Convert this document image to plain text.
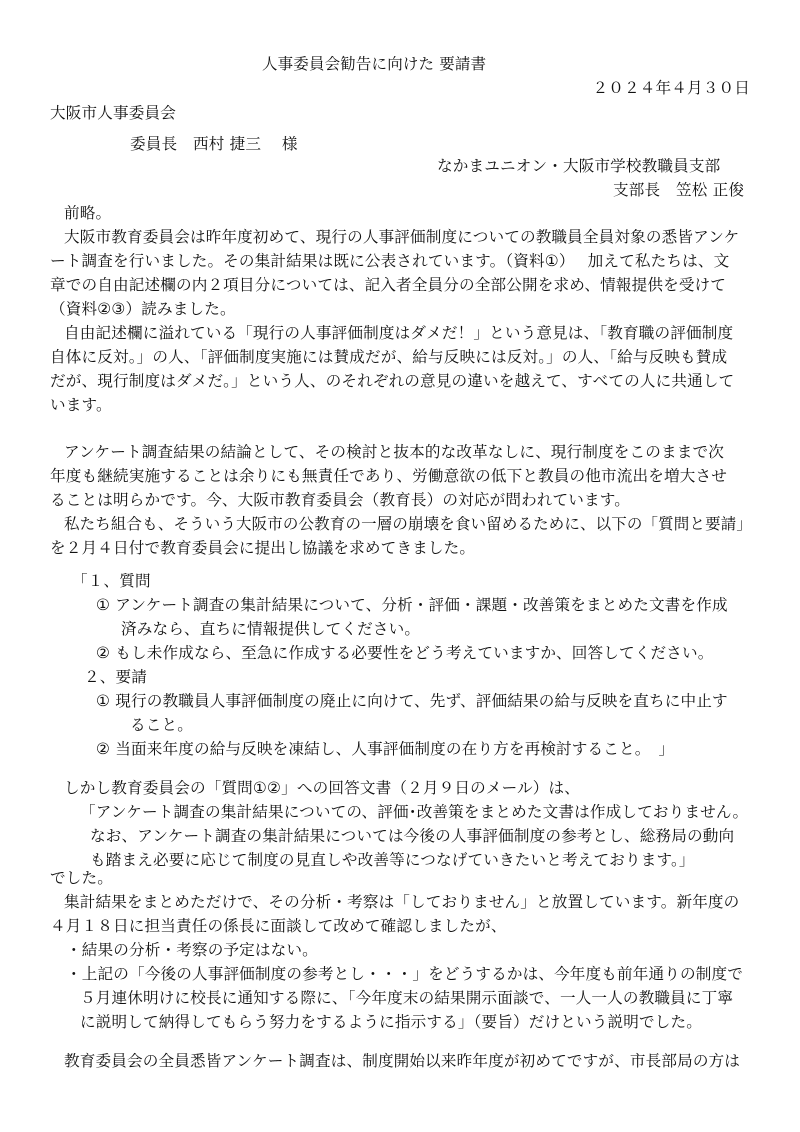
人事委員会勧告に向けた 要請書
２０２４年４月３０日
大阪市人事委員会
委員長　西村 捷三　 様
なかまユニオン・大阪市学校教職員支部
支部長　笠松 正俊
前略。
大阪市教育委員会は昨年度初めて、現行の人事評価制度についての教職員全員対象の悉皆アンケ
ート調査を行いました。その集計結果は既に公表されています。（資料①）　 加えて私たちは、文
章での自由記述欄の内２項目分については、記入者全員分の全部公開を求め、情報提供を受けて
（資料②③）読みました。
自由記述欄に溢れている「現行の人事評価制度はダメだ！」という意見は、「教育職の評価制度
自体に反対。」の人、「評価制度実施には賛成だが、給与反映には反対。」の人、「給与反映も賛成
だが、現行制度はダメだ。」という人、のそれぞれの意見の違いを越えて、すべての人に共通して
います。
アンケート調査結果の結論として、その検討と抜本的な改革なしに、現行制度をこのままで次
年度も継続実施することは余りにも無責任であり、労働意欲の低下と教員の他市流出を増大させ
ることは明らかです。今、大阪市教育委員会（教育長）の対応が問われています。
私たち組合も、そういう大阪市の公教育の一層の崩壊を食い留めるために、以下の「質問と要請」
を２月４日付で教育委員会に提出し協議を求めてきました。
「１、質問
① アンケート調査の集計結果について、分析・評価・課題・改善策をまとめた文書を作成
済みなら、直ちに情報提供してください。
② もし未作成なら、至急に作成する必要性をどう考えていますか、回答してください。
２、要請
① 現行の教職員人事評価制度の廃止に向けて、先ず、評価結果の給与反映を直ちに中止す
ること。
② 当面来年度の給与反映を凍結し、人事評価制度の在り方を再検討すること。　」
しかし教育委員会の「質問①②」への回答文書（２月９日のメール）は、
「アンケート調査の集計結果についての、評価･改善策をまとめた文書は作成しておりません。
なお、アンケート調査の集計結果については今後の人事評価制度の参考とし、総務局の動向
も踏まえ必要に応じて制度の見直しや改善等につなげていきたいと考えております。」
でした。
集計結果をまとめただけで、その分析・考察は「しておりません」と放置しています。新年度の
４月１８日に担当責任の係長に面談して改めて確認しましたが、
・結果の分析・考察の予定はない。
・上記の「今後の人事評価制度の参考とし・・・」をどうするかは、今年度も前年通りの制度で
５月連休明けに校長に通知する際に、「今年度末の結果開示面談で、一人一人の教職員に丁寧
に説明して納得してもらう努力をするように指示する」（要旨）だけという説明でした。
教育委員会の全員悉皆アンケート調査は、制度開始以来昨年度が初めてですが、市長部局の方は
